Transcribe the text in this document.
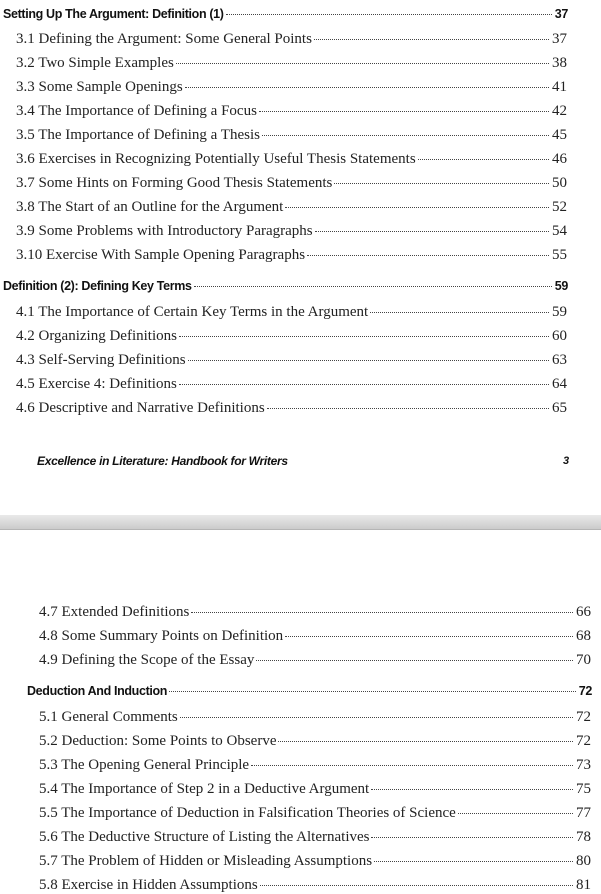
Setting Up The Argument: Definition (1)	37
3.1 Defining the Argument: Some General Points	37
3.2 Two Simple Examples	38
3.3 Some Sample Openings	41
3.4 The Importance of Defining a Focus	42
3.5 The Importance of Defining a Thesis	45
3.6 Exercises in Recognizing Potentially Useful Thesis Statements	46
3.7 Some Hints on Forming Good Thesis Statements	50
3.8 The Start of an Outline for the Argument	52
3.9 Some Problems with Introductory Paragraphs	54
3.10 Exercise With Sample Opening Paragraphs	55
Definition (2): Defining Key Terms	59
4.1 The Importance of Certain Key Terms in the Argument	59
4.2 Organizing Definitions	60
4.3 Self-Serving Definitions	63
4.5 Exercise 4: Definitions	64
4.6 Descriptive and Narrative Definitions	65
Excellence in Literature: Handbook for Writers	3
4.7 Extended Definitions	66
4.8 Some Summary Points on Definition	68
4.9 Defining the Scope of the Essay	70
Deduction And Induction	72
5.1 General Comments	72
5.2 Deduction: Some Points to Observe	72
5.3 The Opening General Principle	73
5.4 The Importance of Step 2 in a Deductive Argument	75
5.5 The Importance of Deduction in Falsification Theories of Science	77
5.6 The Deductive Structure of Listing the Alternatives	78
5.7 The Problem of Hidden or Misleading Assumptions	80
5.8 Exercise in Hidden Assumptions	81
